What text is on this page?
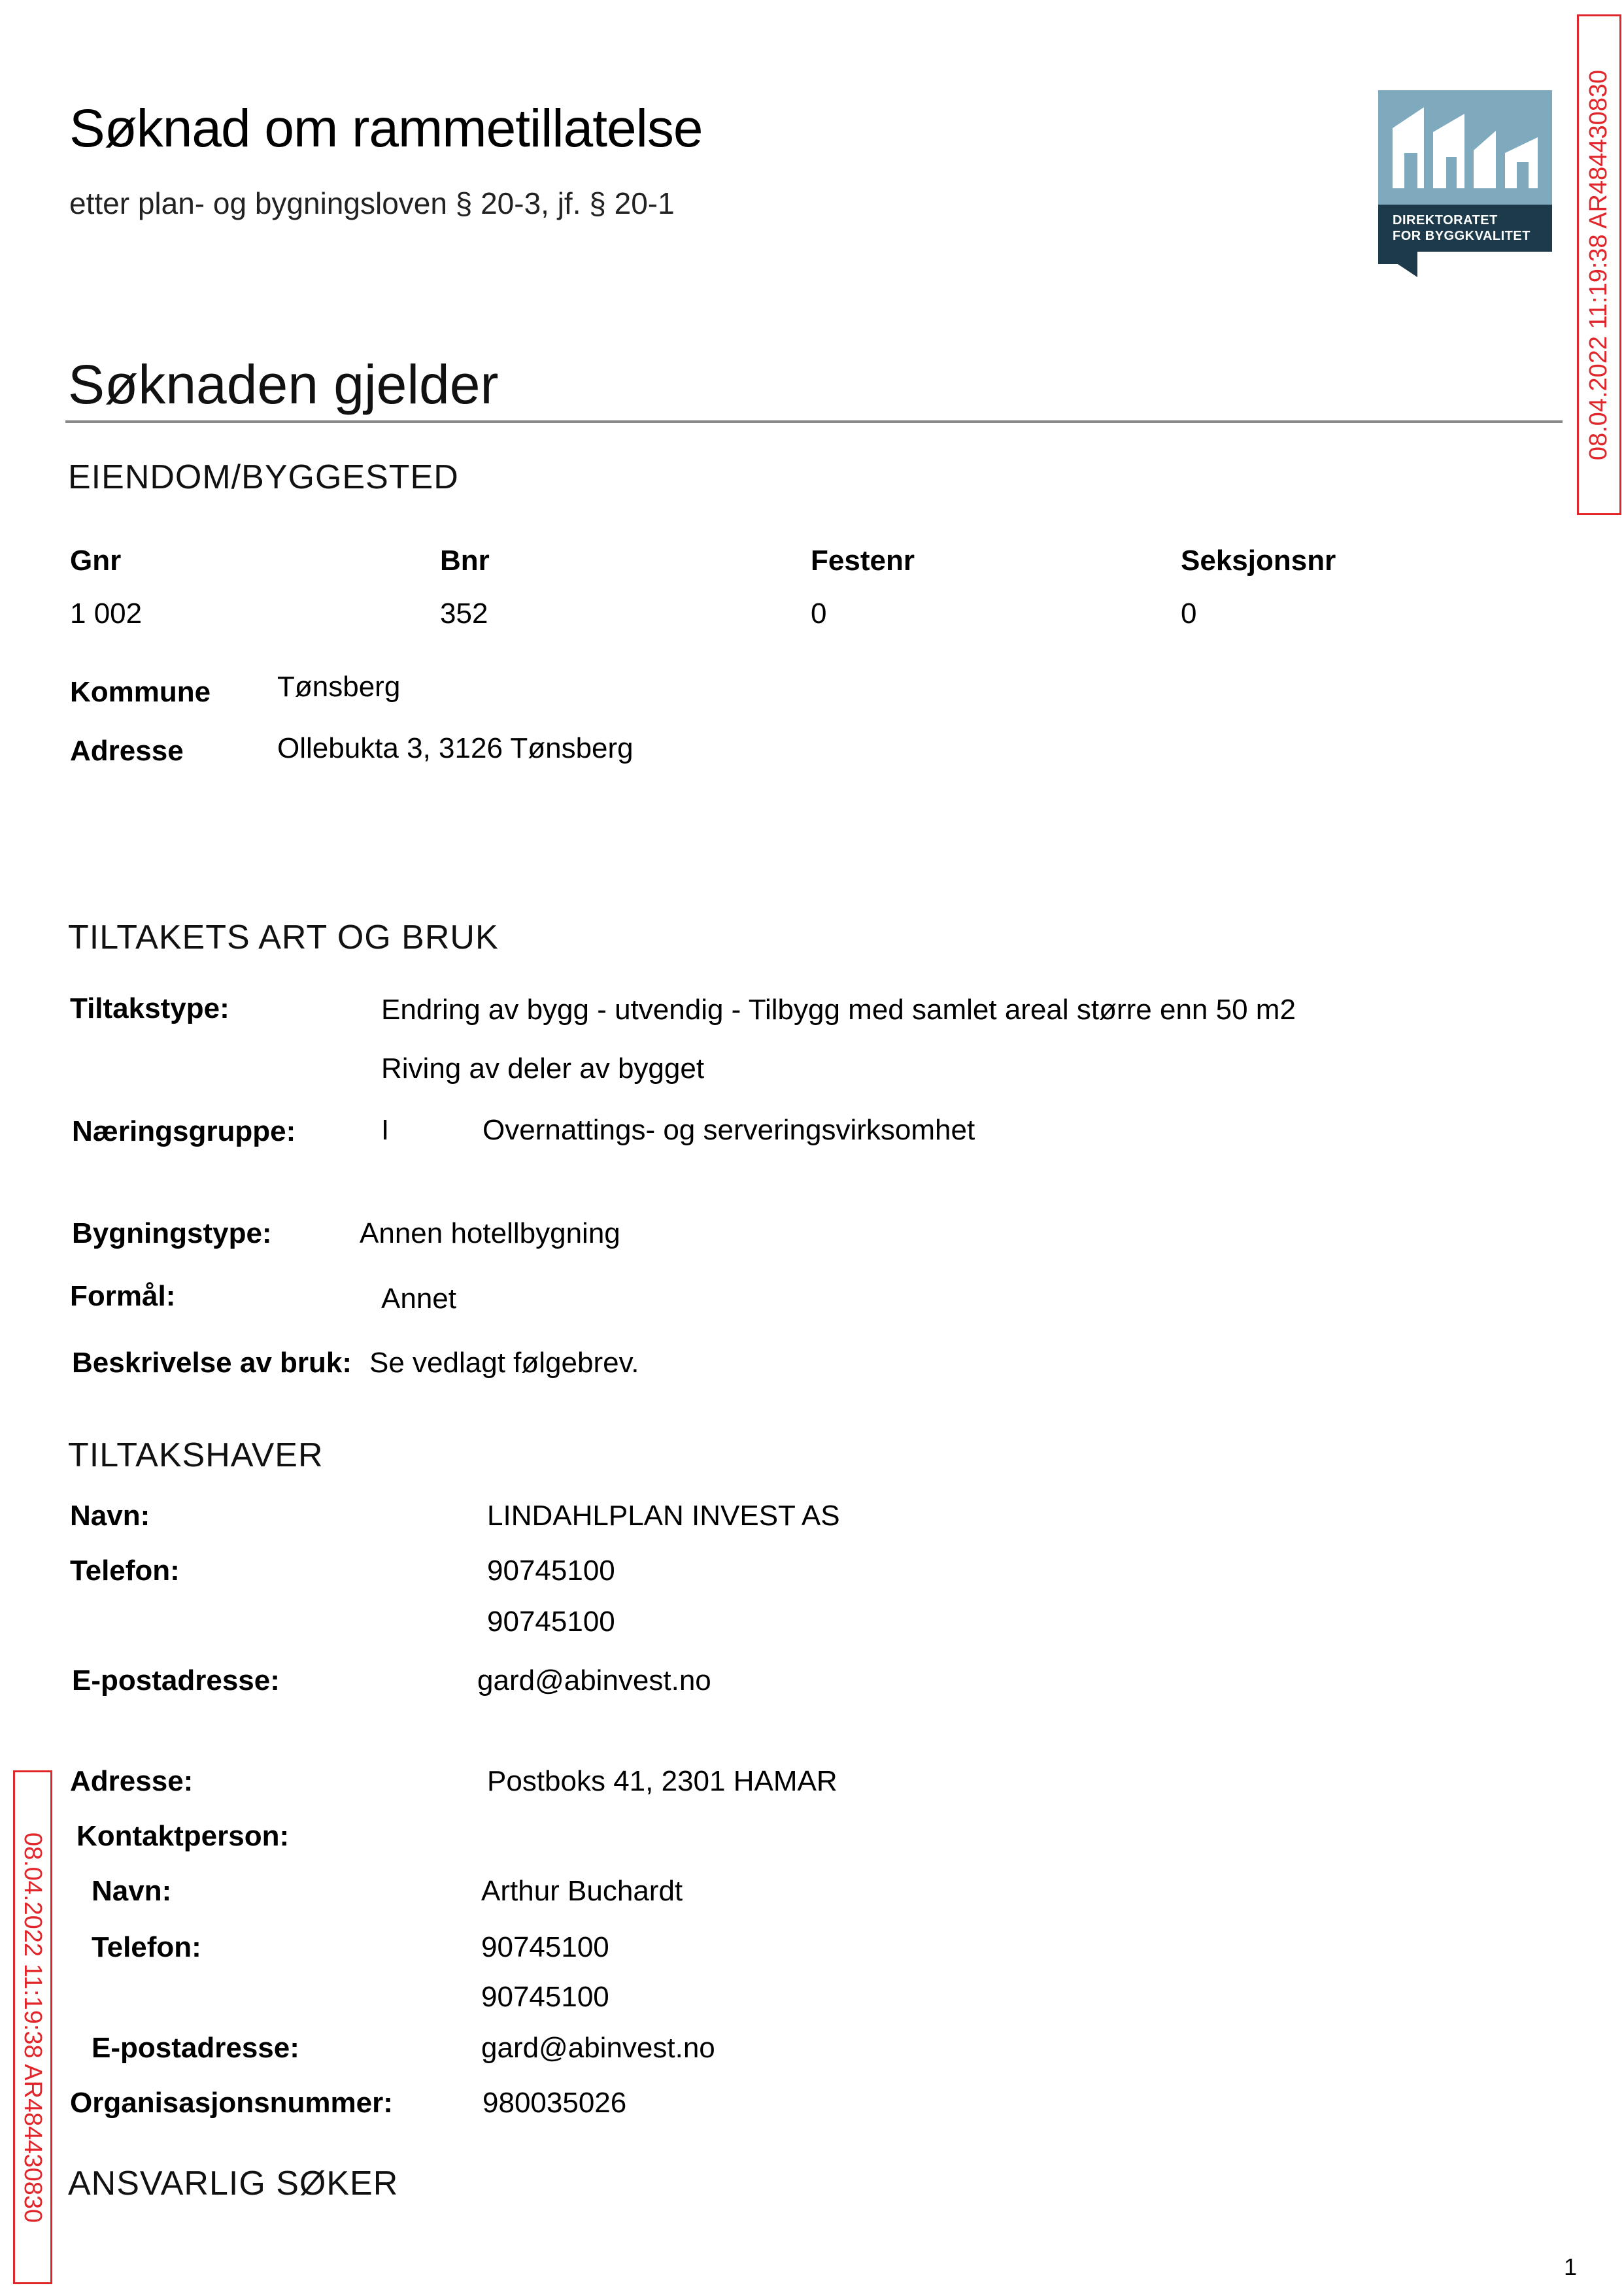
Søknad om rammetillatelse
etter plan- og bygningsloven § 20-3, jf. § 20-1	DIREKTORATET
FOR BYGGKVALITET 08.04.2022 11:19:38 AR484430830
08.04.2022 11:19:38 AR484430830
Søknaden gjelder
EIENDOM/BYGGESTED
Gnr	Bnr	Festenr	Seksjonsnr
1 002	352	0	0
Kommune Tønsberg
Adresse	Ollebukta 3, 3126 Tønsberg
TILTAKETS ART OG BRUK
Tiltakstype:	Endring av bygg - utvendig - Tilbygg med samlet areal større enn 50 m2
Riving av deler av bygget
Næringsgruppe:	I	Overnattings- og serveringsvirksomhet
Bygningstype:	Annen hotellbygning
Formål:	Annet
Beskrivelse av bruk: Se vedlagt følgebrev.
TILTAKSHAVER
Navn:	LINDAHLPLAN INVEST AS
Telefon:	90745100
90745100
E-postadresse:	gard@abinvest.no
Adresse:	Postboks 41, 2301 HAMAR
Kontaktperson:
Navn:	Arthur Buchardt
Telefon:	90745100
90745100
E-postadresse:	gard@abinvest.no
Organisasjonsnummer:	980035026
ANSVARLIG SØKER
1
